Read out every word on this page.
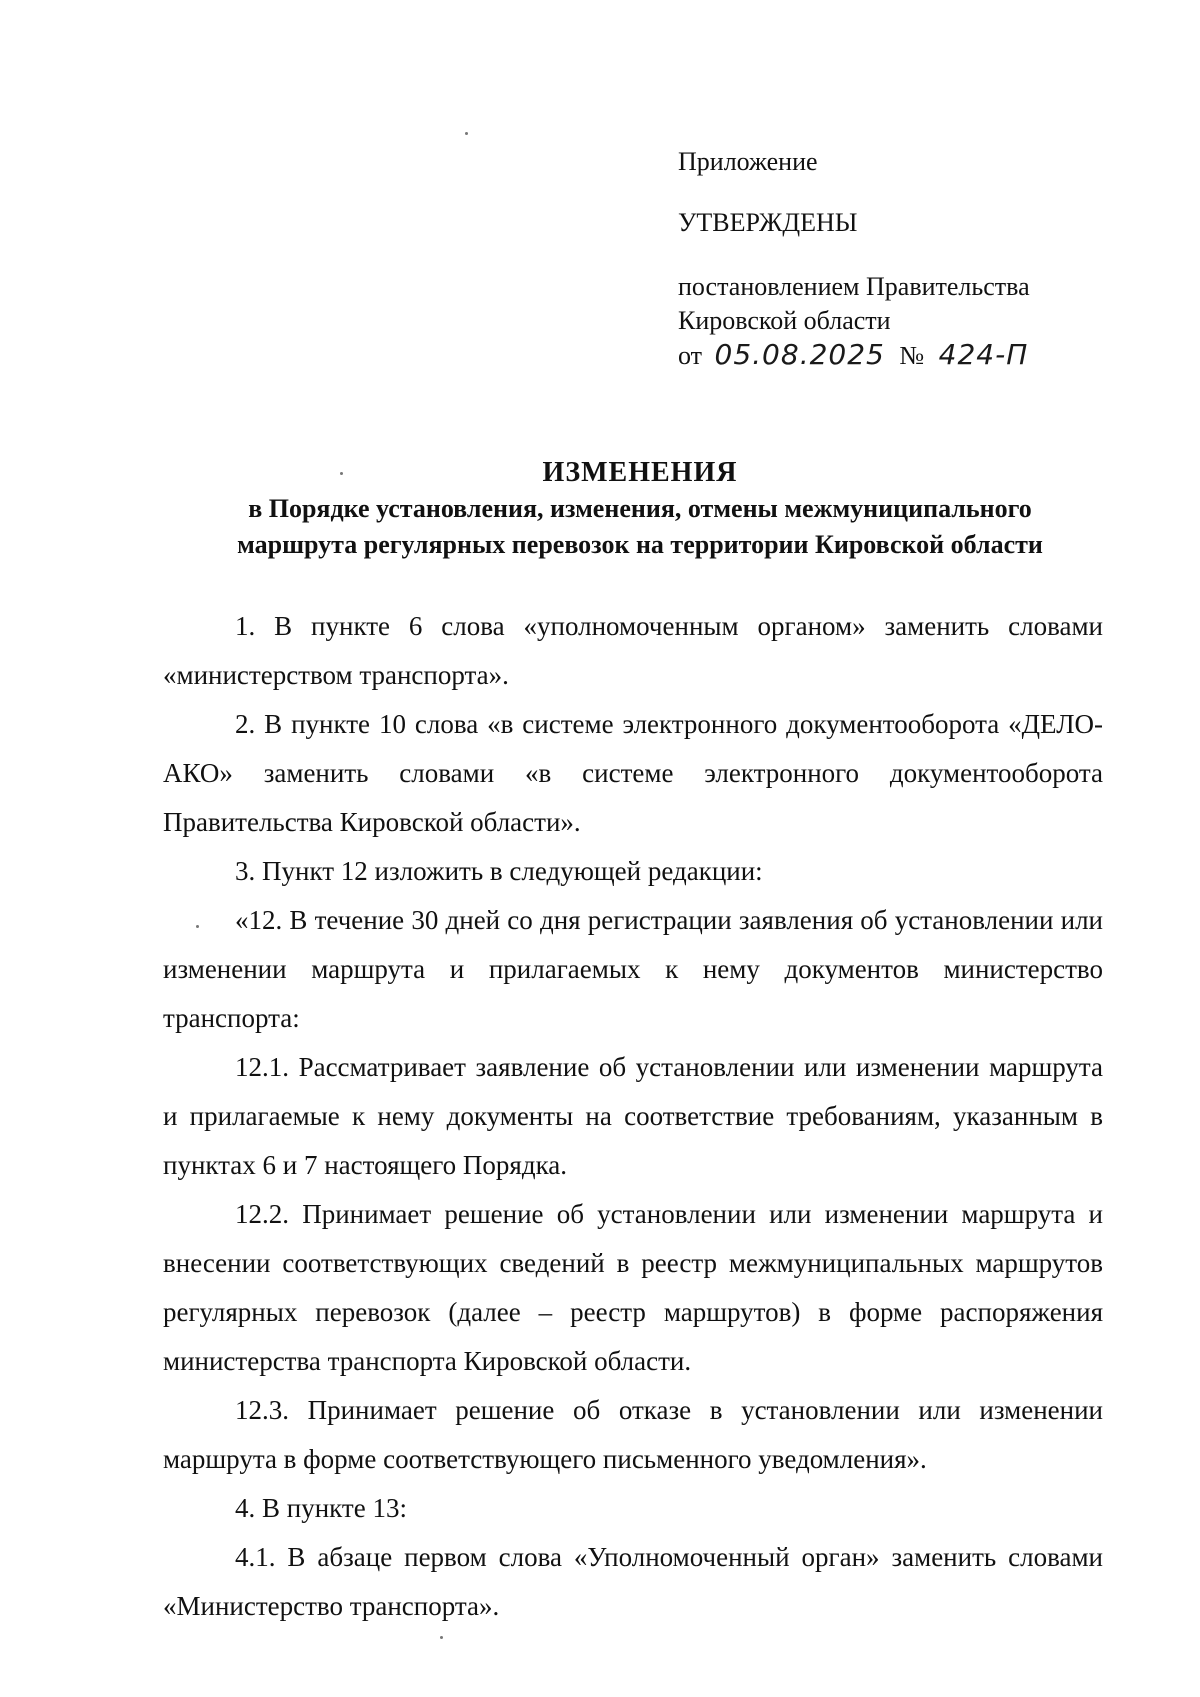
Приложение
УТВЕРЖДЕНЫ
постановлением Правительства
Кировской области
от 05.08.2025 № 424-П
ИЗМЕНЕНИЯ
в Порядке установления, изменения, отмены межмуниципального
маршрута регулярных перевозок на территории Кировской области

1. В пункте 6 слова «уполномоченным органом» заменить словами «министерством транспорта».

2. В пункте 10 слова «в системе электронного документооборота «ДЕЛО-АКО» заменить словами «в системе электронного документооборота Правительства Кировской области».

3. Пункт 12 изложить в следующей редакции:

«12. В течение 30 дней со дня регистрации заявления об установлении или изменении маршрута и прилагаемых к нему документов министерство транспорта:

12.1. Рассматривает заявление об установлении или изменении маршрута и прилагаемые к нему документы на соответствие требованиям, указанным в пунктах 6 и 7 настоящего Порядка.

12.2. Принимает решение об установлении или изменении маршрута и внесении соответствующих сведений в реестр межмуниципальных маршрутов регулярных перевозок (далее – реестр маршрутов) в форме распоряжения министерства транспорта Кировской области.

12.3. Принимает решение об отказе в установлении или изменении маршрута в форме соответствующего письменного уведомления».

4. В пункте 13:

4.1. В абзаце первом слова «Уполномоченный орган» заменить словами «Министерство транспорта».
